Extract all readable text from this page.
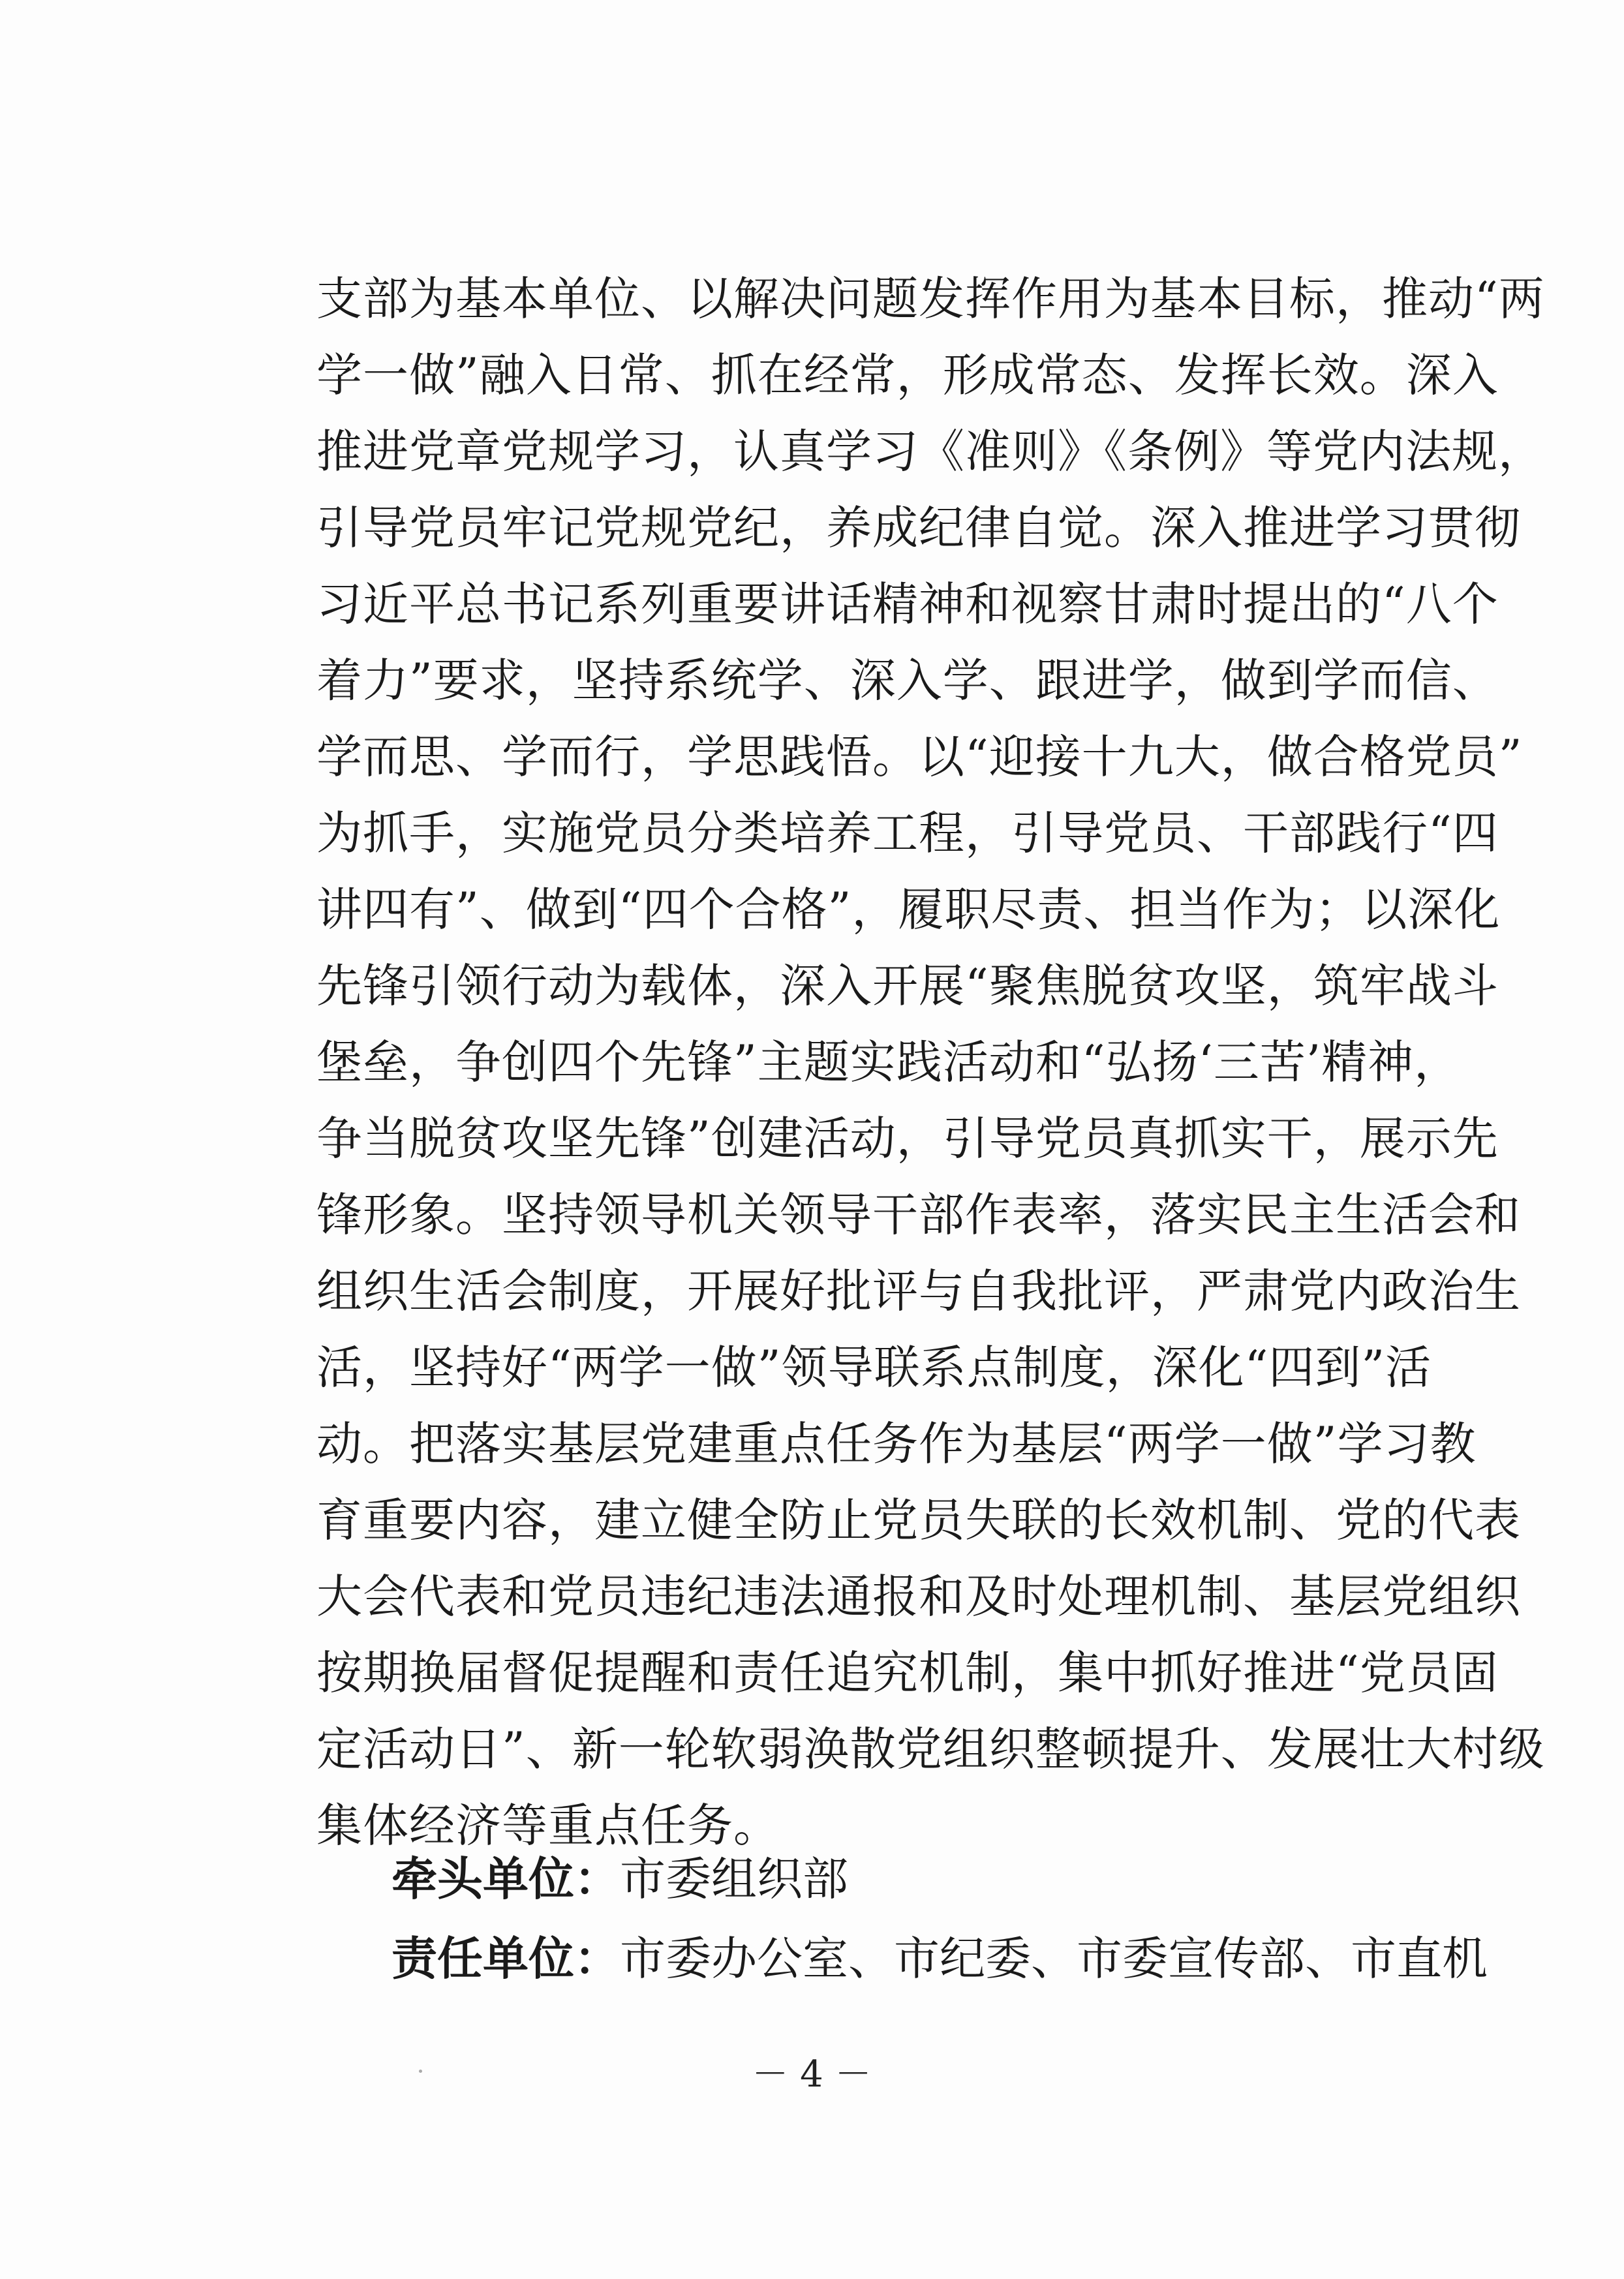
支部为基本单位、以解决问题发挥作用为基本目标，推动“两
学一做”融入日常、抓在经常，形成常态、发挥长效。深入
推进党章党规学习，认真学习《准则》《条例》等党内法规，
引导党员牢记党规党纪，养成纪律自觉。深入推进学习贯彻
习近平总书记系列重要讲话精神和视察甘肃时提出的“八个
着力”要求，坚持系统学、深入学、跟进学，做到学而信、
学而思、学而行，学思践悟。以“迎接十九大，做合格党员”
为抓手，实施党员分类培养工程，引导党员、干部践行“四
讲四有”、做到“四个合格”，履职尽责、担当作为；以深化
先锋引领行动为载体，深入开展“聚焦脱贫攻坚，筑牢战斗
堡垒，争创四个先锋”主题实践活动和“弘扬‘三苦’精神，
争当脱贫攻坚先锋”创建活动，引导党员真抓实干，展示先
锋形象。坚持领导机关领导干部作表率，落实民主生活会和
组织生活会制度，开展好批评与自我批评，严肃党内政治生
活，坚持好“两学一做”领导联系点制度，深化“四到”活
动。把落实基层党建重点任务作为基层“两学一做”学习教
育重要内容，建立健全防止党员失联的长效机制、党的代表
大会代表和党员违纪违法通报和及时处理机制、基层党组织
按期换届督促提醒和责任追究机制，集中抓好推进“党员固
定活动日”、新一轮软弱涣散党组织整顿提升、发展壮大村级
集体经济等重点任务。
牵头单位：市委组织部
责任单位：市委办公室、市纪委、市委宣传部、市直机
－ 4 －
